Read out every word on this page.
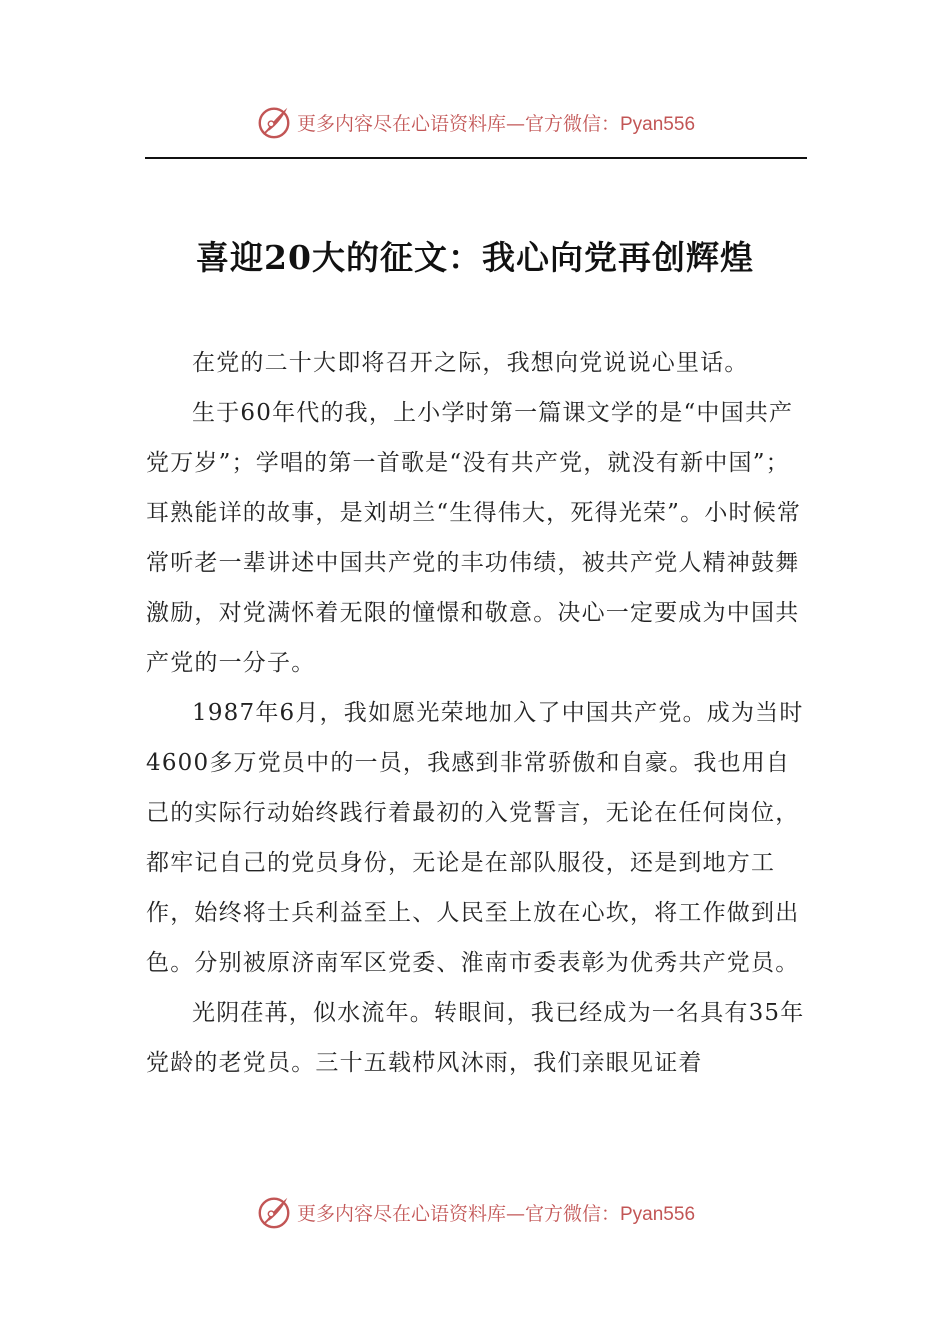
更多内容尽在心语资料库—官方微信：Pyan556
喜迎20大的征文：我心向党再创辉煌

在党的二十大即将召开之际，我想向党说说心里话。

生于60年代的我，上小学时第一篇课文学的是“中国共产党万岁”；学唱的第一首歌是“没有共产党，就没有新中国”；耳熟能详的故事，是刘胡兰“生得伟大，死得光荣”。小时候常常听老一辈讲述中国共产党的丰功伟绩，被共产党人精神鼓舞激励，对党满怀着无限的憧憬和敬意。决心一定要成为中国共产党的一分子。

1987年6月，我如愿光荣地加入了中国共产党。成为当时4600多万党员中的一员，我感到非常骄傲和自豪。我也用自己的实际行动始终践行着最初的入党誓言，无论在任何岗位，都牢记自己的党员身份，无论是在部队服役，还是到地方工作，始终将士兵利益至上、人民至上放在心坎，将工作做到出色。分别被原济南军区党委、淮南市委表彰为优秀共产党员。

光阴荏苒，似水流年。转眼间，我已经成为一名具有35年党龄的老党员。三十五载栉风沐雨，我们亲眼见证着

更多内容尽在心语资料库—官方微信：Pyan556
